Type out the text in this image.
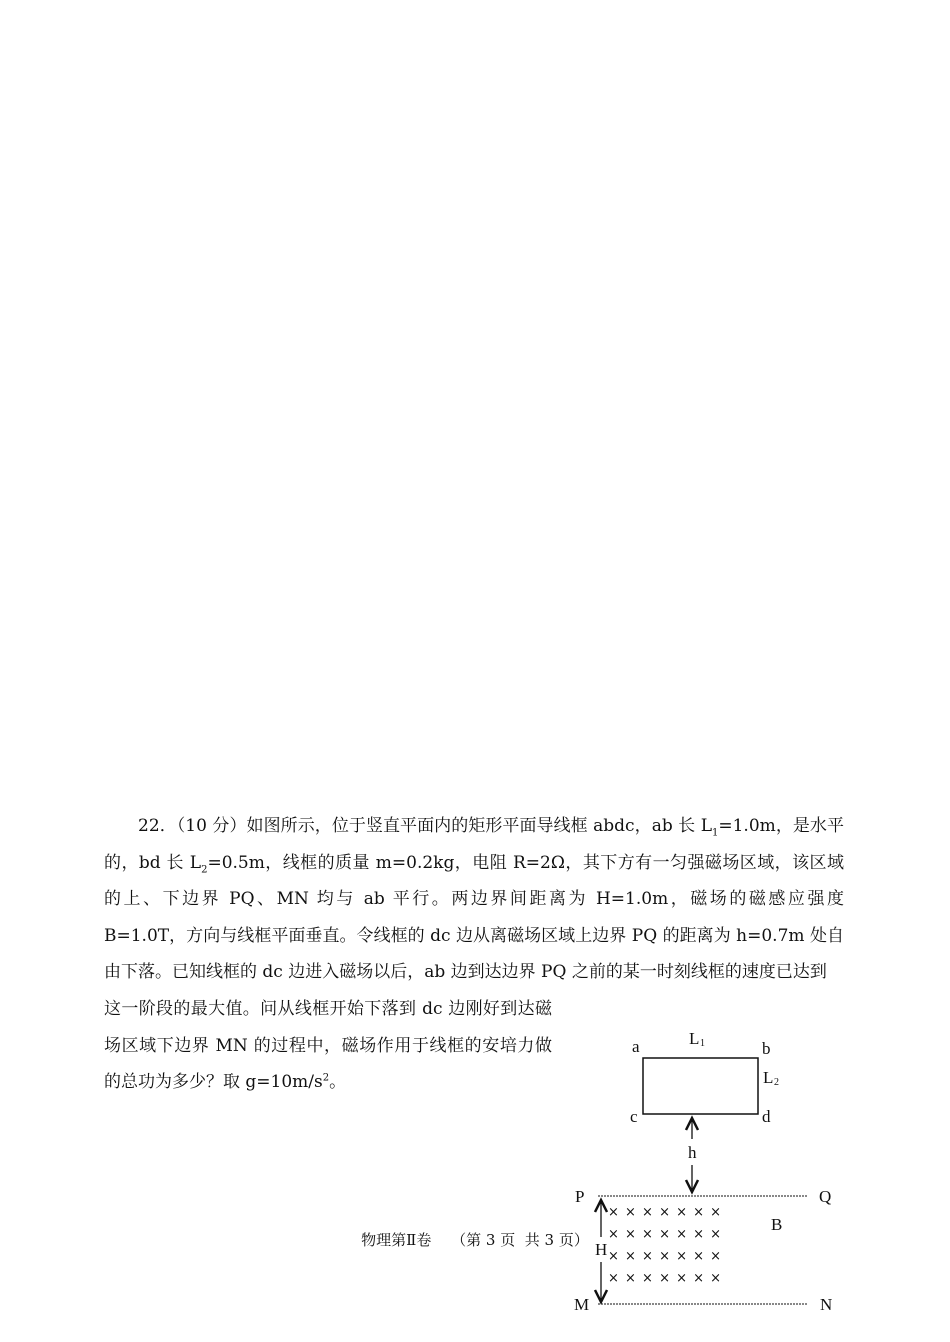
22．（10 分）如图所示，位于竖直平面内的矩形平面导线框 abdc，ab 长 $L_1=1.0m$，是水平的，bd 长 $L_2=0.5m$，线框的质量 m=0.2kg，电阻 R=2Ω，其下方有一匀强磁场区域，该区域的上、下边界 PQ、MN 均与 ab 平行。两边界间距离为 H=1.0m，磁场的磁感应强度 B=1.0T，方向与线框平面垂直。令线框的 dc 边从离磁场区域上边界 PQ 的距离为 h=0.7m 处自由下落。已知线框的 dc 边进入磁场以后，ab 边到达边界 PQ 之前的某一时刻线框的速度已达到

这一阶段的最大值。问从线框开始下落到 dc 边刚好到达磁场区域下边界 MN 的过程中，磁场作用于线框的安培力做的总功为多少？取 $g=10m/s^2$。

a	b
c	d
L 1
L 2
h
P	Q
M	N
× × × × × × ×
× × × × × × ×
× × × × × × ×
× × × × × × ×
B
H
物理第Ⅱ卷　 （第 3 页  共 3 页）
